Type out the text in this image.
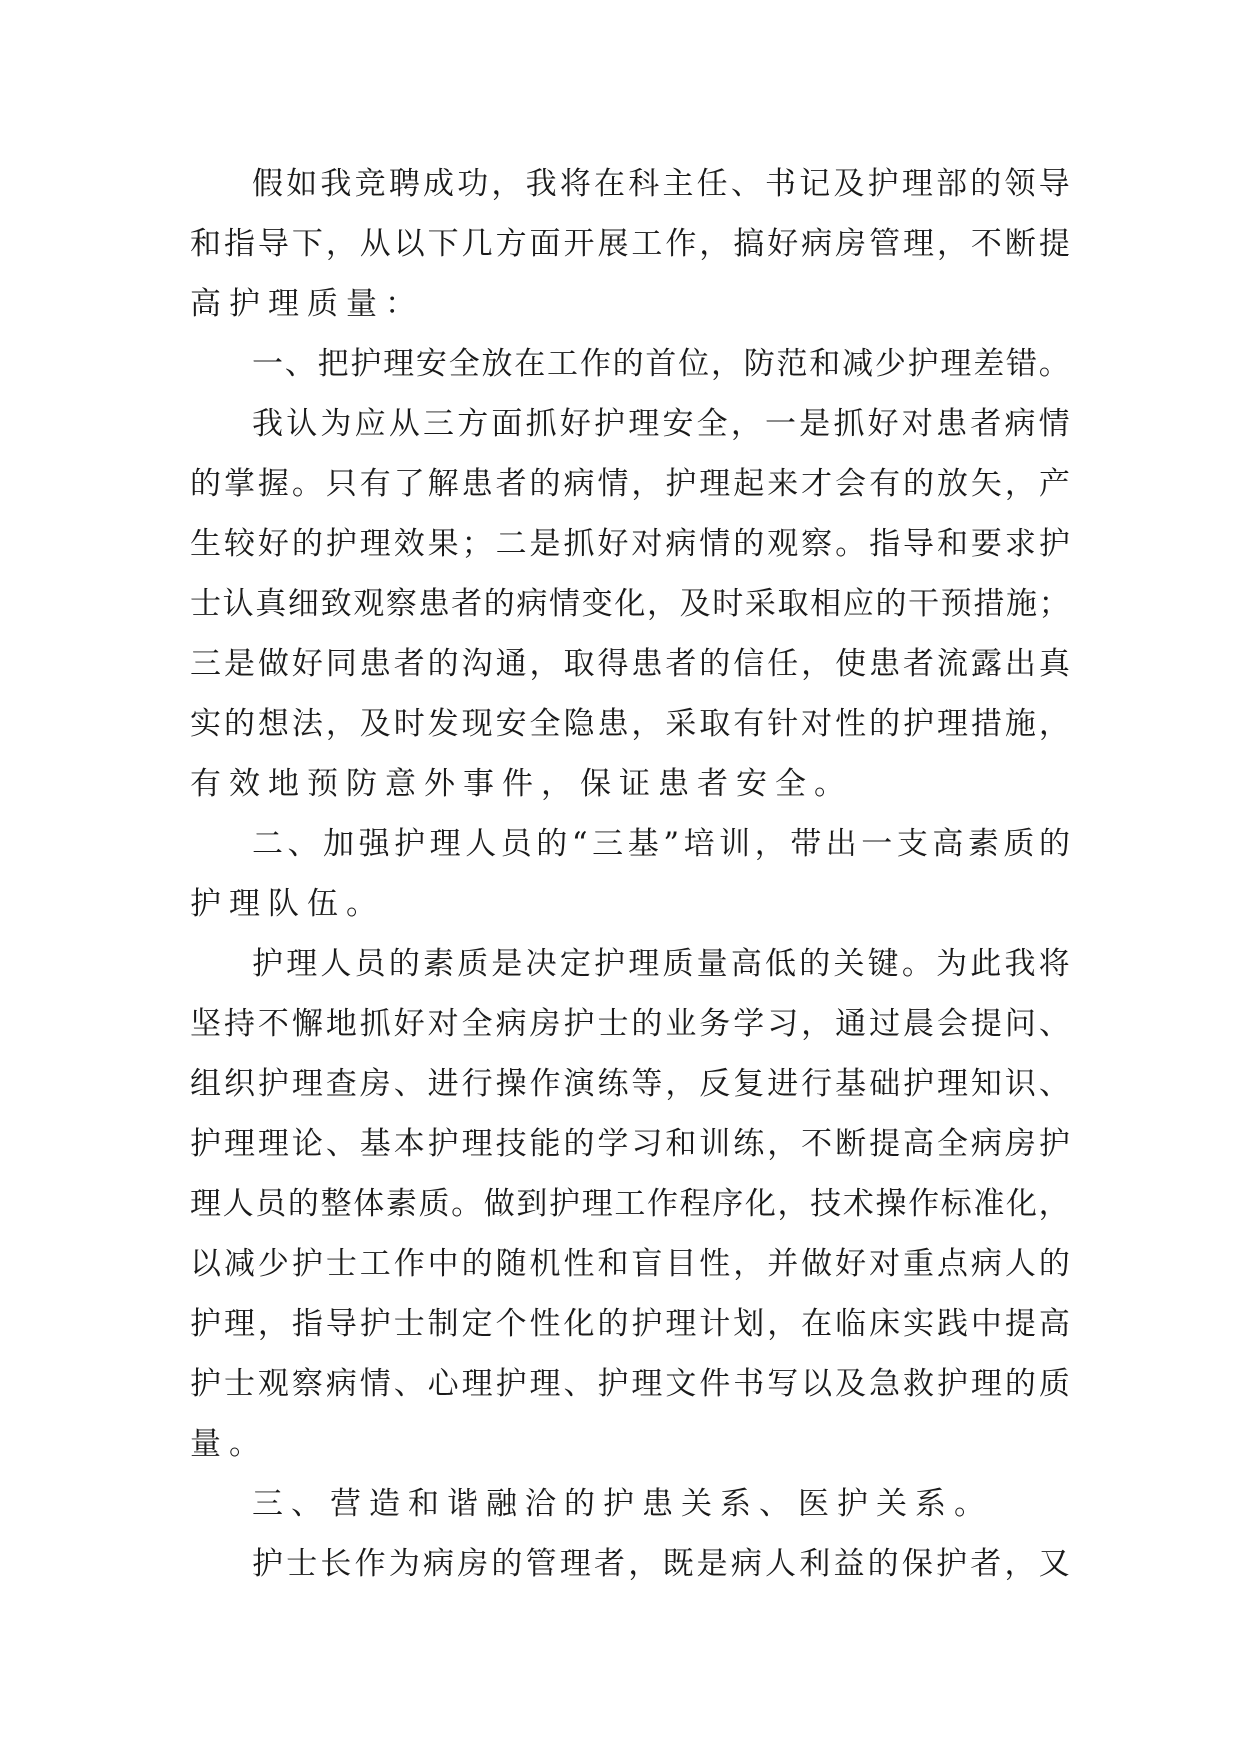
假 如 我 竞 聘 成 功 ， 我 将 在 科 主 任 、 书 记 及 护 理 部 的 领 导
和 指 导 下 ， 从 以 下 几 方 面 开 展 工 作 ， 搞 好 病 房 管 理 ， 不 断 提
高 护 理 质 量 ：
一 、 把 护 理 安 全 放 在 工 作 的 首 位 ， 防 范 和 减 少 护 理 差 错 。
我 认 为 应 从 三 方 面 抓 好 护 理 安 全 ， 一 是 抓 好 对 患 者 病 情
的 掌 握 。 只 有 了 解 患 者 的 病 情 ， 护 理 起 来 才 会 有 的 放 矢 ， 产
生 较 好 的 护 理 效 果 ； 二 是 抓 好 对 病 情 的 观 察 。 指 导 和 要 求 护
士 认 真 细 致 观 察 患 者 的 病 情 变 化 ， 及 时 采 取 相 应 的 干 预 措 施 ；
三 是 做 好 同 患 者 的 沟 通 ， 取 得 患 者 的 信 任 ， 使 患 者 流 露 出 真
实 的 想 法 ， 及 时 发 现 安 全 隐 患 ， 采 取 有 针 对 性 的 护 理 措 施 ，
有 效 地 预 防 意 外 事 件 ， 保 证 患 者 安 全 。
二 、 加 强 护 理 人 员 的 “ 三 基 ” 培 训 ， 带 出 一 支 高 素 质 的
护 理 队 伍 。
护 理 人 员 的 素 质 是 决 定 护 理 质 量 高 低 的 关 键 。 为 此 我 将
坚 持 不 懈 地 抓 好 对 全 病 房 护 士 的 业 务 学 习 ， 通 过 晨 会 提 问 、
组 织 护 理 查 房 、 进 行 操 作 演 练 等 ， 反 复 进 行 基 础 护 理 知 识 、
护 理 理 论 、 基 本 护 理 技 能 的 学 习 和 训 练 ， 不 断 提 高 全 病 房 护
理 人 员 的 整 体 素 质 。 做 到 护 理 工 作 程 序 化 ， 技 术 操 作 标 准 化 ，
以 减 少 护 士 工 作 中 的 随 机 性 和 盲 目 性 ， 并 做 好 对 重 点 病 人 的
护 理 ， 指 导 护 士 制 定 个 性 化 的 护 理 计 划 ， 在 临 床 实 践 中 提 高
护 士 观 察 病 情 、 心 理 护 理 、 护 理 文 件 书 写 以 及 急 救 护 理 的 质
量 。
三 、 营 造 和 谐 融 洽 的 护 患 关 系 、 医 护 关 系 。
护 士 长 作 为 病 房 的 管 理 者 ， 既 是 病 人 利 益 的 保 护 者 ， 又
